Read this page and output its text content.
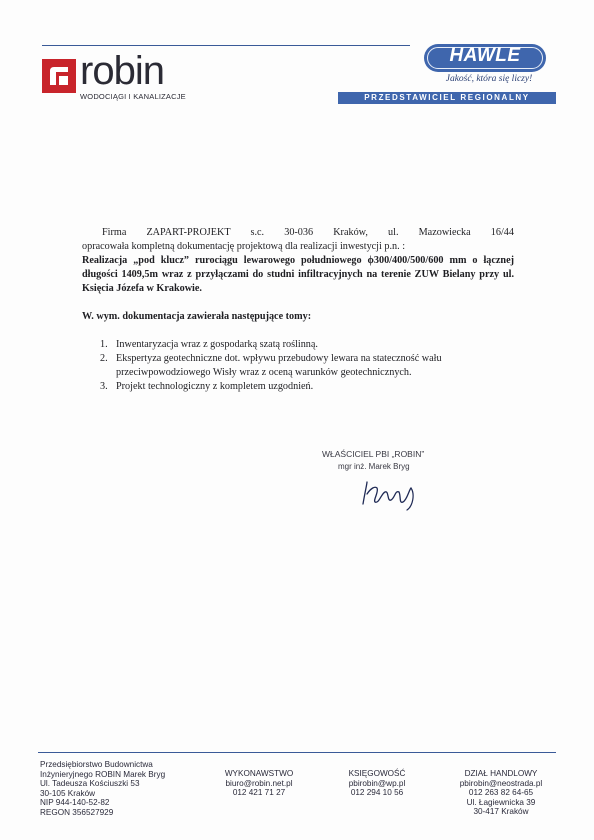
robin
WODOCIĄGI I KANALIZACJE
HAWLE
Jakość, która się liczy!
PRZEDSTAWICIEL REGIONALNY

Firma ZAPART-PROJEKT s.c. 30-036 Kraków, ul. Mazowiecka 16/44
opracowała kompletną dokumentację projektową dla realizacji inwestycji p.n. :

Realizacja „pod klucz” rurociągu lewarowego południowego ϕ300/400/500/600 mm o łącznej długości 1409,5m wraz z przyłączami do studni infiltracyjnych na terenie ZUW Bielany przy ul. Księcia Józefa w Krakowie.

W. wym. dokumentacja zawierała następujące tomy:

1. Inwentaryzacja wraz z gospodarką szatą roślinną.
2. Ekspertyza geotechniczne dot. wpływu przebudowy lewara na stateczność wału przeciwpowodziowego Wisły wraz z oceną warunków geotechnicznych.
3. Projekt technologiczny z kompletem uzgodnień.
WŁAŚCICIEL PBI „ROBIN”
mgr inż. Marek Bryg
Przedsiębiorstwo Budownictwa
Inżynieryjnego ROBIN Marek Bryg
Ul. Tadeusza Kościuszki 53
30-105 Kraków
NIP 944-140-52-82
REGON 356527929
WYKONAWSTWO
biuro@robin.net.pl
012 421 71 27
KSIĘGOWOŚĆ
pbirobin@wp.pl
012 294 10 56
DZIAŁ HANDLOWY
pbirobin@neostrada.pl
012 263 82 64-65
Ul. Łagiewnicka 39
30-417 Kraków
